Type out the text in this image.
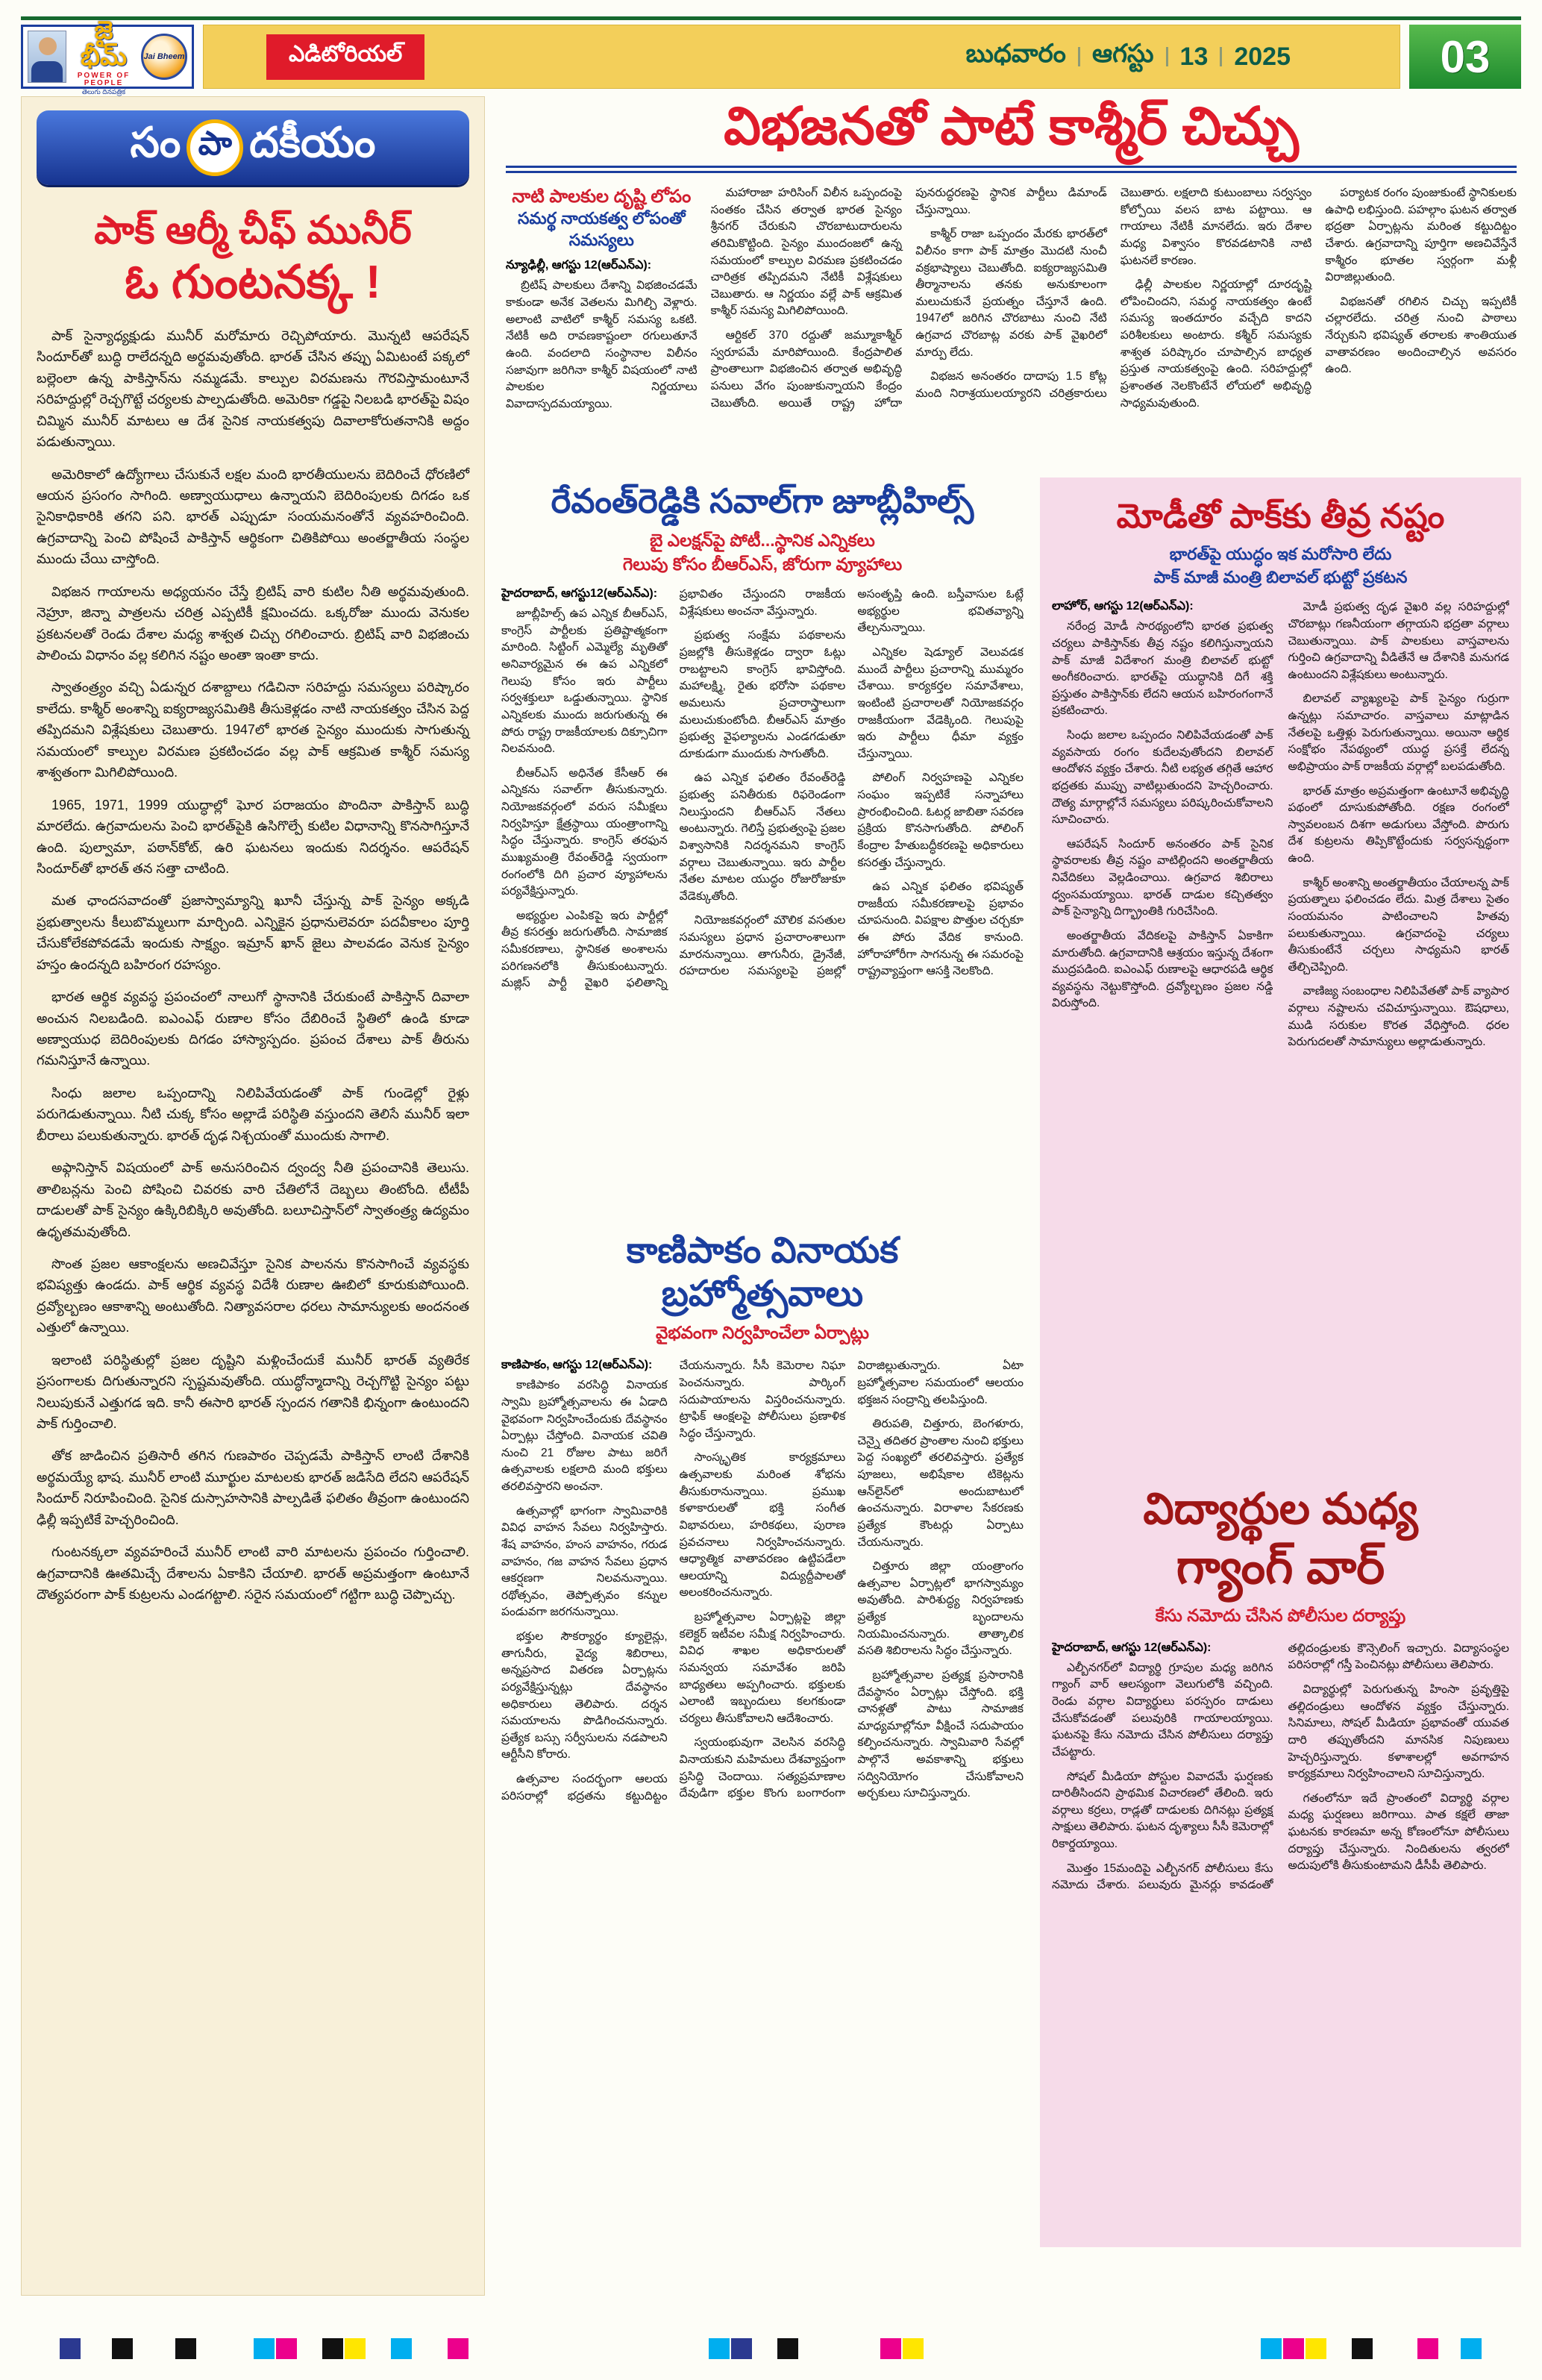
జై భీమ్
POWER OF PEOPLE
తెలుగు దినపత్రిక
Jai Bheem	ఎడిటోరియల్	బుధవారం ఆగస్టు 13 2025	03
సం పా దకీయం
పాక్ ఆర్మీ చీఫ్ మునీర్
ఓ గుంటనక్క !

పాక్ సైన్యాధ్యక్షుడు మునీర్ మరోమారు రెచ్చిపోయారు. మొన్నటి ఆపరేషన్ సిందూర్‌తో బుద్ధి రాలేదన్నది అర్థమవుతోంది. భారత్ చేసిన తప్పు ఏమిటంటే పక్కలో బల్లెంలా ఉన్న పాకిస్తాన్‌ను నమ్మడమే. కాల్పుల విరమణను గౌరవిస్తామంటూనే సరిహద్దుల్లో రెచ్చగొట్టే చర్యలకు పాల్పడుతోంది. అమెరికా గడ్డపై నిలబడి భారత్‌పై విషం చిమ్మిన మునీర్ మాటలు ఆ దేశ సైనిక నాయకత్వపు దివాలాకోరుతనానికి అద్దం పడుతున్నాయి.

అమెరికాలో ఉద్యోగాలు చేసుకునే లక్షల మంది భారతీయులను బెదిరించే ధోరణిలో ఆయన ప్రసంగం సాగింది. అణ్వాయుధాలు ఉన్నాయని బెదిరింపులకు దిగడం ఒక సైనికాధికారికి తగని పని. భారత్ ఎప్పుడూ సంయమనంతోనే వ్యవహరించింది. ఉగ్రవాదాన్ని పెంచి పోషించే పాకిస్తాన్ ఆర్థికంగా చితికిపోయి అంతర్జాతీయ సంస్థల ముందు చేయి చాస్తోంది.

విభజన గాయాలను అధ్యయనం చేస్తే బ్రిటిష్ వారి కుటిల నీతి అర్థమవుతుంది. నెహ్రూ, జిన్నా పాత్రలను చరిత్ర ఎప్పటికీ క్షమించదు. ఒక్కరోజు ముందు వెనుకల ప్రకటనలతో రెండు దేశాల మధ్య శాశ్వత చిచ్చు రగిలించారు. బ్రిటిష్ వారి విభజించు పాలించు విధానం వల్ల కలిగిన నష్టం అంతా ఇంతా కాదు.

స్వాతంత్ర్యం వచ్చి ఏడున్నర దశాబ్దాలు గడిచినా సరిహద్దు సమస్యలు పరిష్కారం కాలేదు. కాశ్మీర్ అంశాన్ని ఐక్యరాజ్యసమితికి తీసుకెళ్లడం నాటి నాయకత్వం చేసిన పెద్ద తప్పిదమని విశ్లేషకులు చెబుతారు. 1947లో భారత సైన్యం ముందుకు సాగుతున్న సమయంలో కాల్పుల విరమణ ప్రకటించడం వల్ల పాక్ ఆక్రమిత కాశ్మీర్ సమస్య శాశ్వతంగా మిగిలిపోయింది.

1965, 1971, 1999 యుద్ధాల్లో ఘోర పరాజయం పొందినా పాకిస్తాన్ బుద్ధి మారలేదు. ఉగ్రవాదులను పెంచి భారత్‌పైకి ఉసిగొల్పే కుటిల విధానాన్ని కొనసాగిస్తూనే ఉంది. పుల్వామా, పఠాన్‌కోట్, ఉరి ఘటనలు ఇందుకు నిదర్శనం. ఆపరేషన్ సిందూర్‌తో భారత్ తన సత్తా చాటింది.

మత ఛాందసవాదంతో ప్రజాస్వామ్యాన్ని ఖూనీ చేస్తున్న పాక్ సైన్యం అక్కడి ప్రభుత్వాలను కీలుబొమ్మలుగా మార్చింది. ఎన్నికైన ప్రధానులెవరూ పదవీకాలం పూర్తి చేసుకోలేకపోవడమే ఇందుకు సాక్ష్యం. ఇమ్రాన్ ఖాన్ జైలు పాలవడం వెనుక సైన్యం హస్తం ఉందన్నది బహిరంగ రహస్యం.

భారత ఆర్థిక వ్యవస్థ ప్రపంచంలో నాలుగో స్థానానికి చేరుకుంటే పాకిస్తాన్ దివాలా అంచున నిలబడింది. ఐఎంఎఫ్ రుణాల కోసం దేబిరించే స్థితిలో ఉండి కూడా అణ్వాయుధ బెదిరింపులకు దిగడం హాస్యాస్పదం. ప్రపంచ దేశాలు పాక్ తీరును గమనిస్తూనే ఉన్నాయి.

సింధు జలాల ఒప్పందాన్ని నిలిపివేయడంతో పాక్ గుండెల్లో రైళ్లు పరుగెడుతున్నాయి. నీటి చుక్క కోసం అల్లాడే పరిస్థితి వస్తుందని తెలిసే మునీర్ ఇలా బీరాలు పలుకుతున్నారు. భారత్ దృఢ నిశ్చయంతో ముందుకు సాగాలి.

అఫ్గానిస్తాన్ విషయంలో పాక్ అనుసరించిన ద్వంద్వ నీతి ప్రపంచానికి తెలుసు. తాలిబన్లను పెంచి పోషించి చివరకు వారి చేతిలోనే దెబ్బలు తింటోంది. టీటీపీ దాడులతో పాక్ సైన్యం ఉక్కిరిబిక్కిరి అవుతోంది. బలూచిస్తాన్‌లో స్వాతంత్ర్య ఉద్యమం ఉధృతమవుతోంది.

సొంత ప్రజల ఆకాంక్షలను అణచివేస్తూ సైనిక పాలనను కొనసాగించే వ్యవస్థకు భవిష్యత్తు ఉండదు. పాక్ ఆర్థిక వ్యవస్థ విదేశీ రుణాల ఊబిలో కూరుకుపోయింది. ద్రవ్యోల్బణం ఆకాశాన్ని అంటుతోంది. నిత్యావసరాల ధరలు సామాన్యులకు అందనంత ఎత్తులో ఉన్నాయి.

ఇలాంటి పరిస్థితుల్లో ప్రజల దృష్టిని మళ్లించేందుకే మునీర్ భారత్ వ్యతిరేక ప్రసంగాలకు దిగుతున్నారని స్పష్టమవుతోంది. యుద్ధోన్మాదాన్ని రెచ్చగొట్టి సైన్యం పట్టు నిలుపుకునే ఎత్తుగడ ఇది. కానీ ఈసారి భారత్ స్పందన గతానికి భిన్నంగా ఉంటుందని పాక్ గుర్తించాలి.

తోక జాడించిన ప్రతిసారీ తగిన గుణపాఠం చెప్పడమే పాకిస్తాన్ లాంటి దేశానికి అర్థమయ్యే భాష. మునీర్ లాంటి మూర్ఖుల మాటలకు భారత్ జడిసేది లేదని ఆపరేషన్ సిందూర్ నిరూపించింది. సైనిక దుస్సాహసానికి పాల్పడితే ఫలితం తీవ్రంగా ఉంటుందని ఢిల్లీ ఇప్పటికే హెచ్చరించింది.

గుంటనక్కలా వ్యవహరించే మునీర్ లాంటి వారి మాటలను ప్రపంచం గుర్తించాలి. ఉగ్రవాదానికి ఊతమిచ్చే దేశాలను ఏకాకిని చేయాలి. భారత్ అప్రమత్తంగా ఉంటూనే దౌత్యపరంగా పాక్ కుట్రలను ఎండగట్టాలి. సరైన సమయంలో గట్టిగా బుద్ధి చెప్పొచ్చు.

విభజనతో పాటే కాశ్మీర్ చిచ్చు

నాటి పాలకుల దృష్టి లోపం

సమర్థ నాయకత్వ లోపంతో సమస్యలు

న్యూఢిల్లీ, ఆగస్టు 12(ఆర్‌ఎన్‌ఎ):

బ్రిటిష్ పాలకులు దేశాన్ని విభజించడమే కాకుండా అనేక వెతలను మిగిల్చి వెళ్లారు. అలాంటి వాటిలో కాశ్మీర్ సమస్య ఒకటి. నేటికీ అది రావణకాష్టంలా రగులుతూనే ఉంది. వందలాది సంస్థానాల విలీనం సజావుగా జరిగినా కాశ్మీర్ విషయంలో నాటి పాలకుల నిర్ణయాలు వివాదాస్పదమయ్యాయి.

మహారాజా హరిసింగ్ విలీన ఒప్పందంపై సంతకం చేసిన తర్వాత భారత సైన్యం శ్రీనగర్ చేరుకుని చొరబాటుదారులను తరిమికొట్టింది. సైన్యం ముందంజలో ఉన్న సమయంలో కాల్పుల విరమణ ప్రకటించడం చారిత్రక తప్పిదమని నేటికీ విశ్లేషకులు చెబుతారు. ఆ నిర్ణయం వల్లే పాక్ ఆక్రమిత కాశ్మీర్ సమస్య మిగిలిపోయింది.

ఆర్టికల్ 370 రద్దుతో జమ్మూకాశ్మీర్ స్వరూపమే మారిపోయింది. కేంద్రపాలిత ప్రాంతాలుగా విభజించిన తర్వాత అభివృద్ధి పనులు వేగం పుంజుకున్నాయని కేంద్రం చెబుతోంది. అయితే రాష్ట్ర హోదా పునరుద్ధరణపై స్థానిక పార్టీలు డిమాండ్ చేస్తున్నాయి.

కాశ్మీర్ రాజా ఒప్పందం మేరకు భారత్‌లో విలీనం కాగా పాక్ మాత్రం మొదటి నుంచీ వక్రభాష్యాలు చెబుతోంది. ఐక్యరాజ్యసమితి తీర్మానాలను తనకు అనుకూలంగా మలుచుకునే ప్రయత్నం చేస్తూనే ఉంది. 1947లో జరిగిన చొరబాటు నుంచి నేటి ఉగ్రవాద చొరబాట్ల వరకు పాక్ వైఖరిలో మార్పు లేదు.

విభజన అనంతరం దాదాపు 1.5 కోట్ల మంది నిరాశ్రయులయ్యారని చరిత్రకారులు చెబుతారు. లక్షలాది కుటుంబాలు సర్వస్వం కోల్పోయి వలస బాట పట్టాయి. ఆ గాయాలు నేటికీ మానలేదు. ఇరు దేశాల మధ్య విశ్వాసం కొరవడటానికి నాటి ఘటనలే కారణం.

ఢిల్లీ పాలకుల నిర్ణయాల్లో దూరదృష్టి లోపించిందని, సమర్థ నాయకత్వం ఉంటే సమస్య ఇంతదూరం వచ్చేది కాదని పరిశీలకులు అంటారు. కశ్మీర్ సమస్యకు శాశ్వత పరిష్కారం చూపాల్సిన బాధ్యత ప్రస్తుత నాయకత్వంపై ఉంది. సరిహద్దుల్లో ప్రశాంతత నెలకొంటేనే లోయలో అభివృద్ధి సాధ్యమవుతుంది.

పర్యాటక రంగం పుంజుకుంటే స్థానికులకు ఉపాధి లభిస్తుంది. పహల్గాం ఘటన తర్వాత భద్రతా ఏర్పాట్లను మరింత కట్టుదిట్టం చేశారు. ఉగ్రవాదాన్ని పూర్తిగా అణచివేస్తేనే కాశ్మీరం భూతల స్వర్గంగా మళ్లీ విరాజిల్లుతుంది.

విభజనతో రగిలిన చిచ్చు ఇప్పటికీ చల్లారలేదు. చరిత్ర నుంచి పాఠాలు నేర్చుకుని భవిష్యత్ తరాలకు శాంతియుత వాతావరణం అందించాల్సిన అవసరం ఉంది.

రేవంత్‌రెడ్డికి సవాల్‌గా జూబ్లీహిల్స్
బై ఎలక్షన్‌పై పోటీ...స్థానిక ఎన్నికలు
గెలుపు కోసం బీఆర్ఎస్, జోరుగా వ్యూహాలు

హైదరాబాద్, ఆగస్టు12(ఆర్‌ఎన్‌ఎ):

జూబ్లీహిల్స్ ఉప ఎన్నిక బీఆర్ఎస్, కాంగ్రెస్ పార్టీలకు ప్రతిష్టాత్మకంగా మారింది. సిట్టింగ్ ఎమ్మెల్యే మృతితో అనివార్యమైన ఈ ఉప ఎన్నికలో గెలుపు కోసం ఇరు పార్టీలు సర్వశక్తులూ ఒడ్డుతున్నాయి. స్థానిక ఎన్నికలకు ముందు జరుగుతున్న ఈ పోరు రాష్ట్ర రాజకీయాలకు దిక్సూచిగా నిలవనుంది.

బీఆర్ఎస్ అధినేత కేసీఆర్ ఈ ఎన్నికను సవాల్‌గా తీసుకున్నారు. నియోజకవర్గంలో వరుస సమీక్షలు నిర్వహిస్తూ క్షేత్రస్థాయి యంత్రాంగాన్ని సిద్ధం చేస్తున్నారు. కాంగ్రెస్ తరఫున ముఖ్యమంత్రి రేవంత్‌రెడ్డి స్వయంగా రంగంలోకి దిగి ప్రచార వ్యూహాలను పర్యవేక్షిస్తున్నారు.

అభ్యర్థుల ఎంపికపై ఇరు పార్టీల్లో తీవ్ర కసరత్తు జరుగుతోంది. సామాజిక సమీకరణాలు, స్థానికత అంశాలను పరిగణనలోకి తీసుకుంటున్నారు. మజ్లిస్ పార్టీ వైఖరి ఫలితాన్ని ప్రభావితం చేస్తుందని రాజకీయ విశ్లేషకులు అంచనా వేస్తున్నారు.

ప్రభుత్వ సంక్షేమ పథకాలను ప్రజల్లోకి తీసుకెళ్లడం ద్వారా ఓట్లు రాబట్టాలని కాంగ్రెస్ భావిస్తోంది. మహాలక్ష్మి, రైతు భరోసా పథకాల అమలును ప్రచారాస్త్రాలుగా మలుచుకుంటోంది. బీఆర్ఎస్ మాత్రం ప్రభుత్వ వైఫల్యాలను ఎండగడుతూ దూకుడుగా ముందుకు సాగుతోంది.

ఉప ఎన్నిక ఫలితం రేవంత్‌రెడ్డి ప్రభుత్వ పనితీరుకు రిఫరెండంగా నిలుస్తుందని బీఆర్ఎస్ నేతలు అంటున్నారు. గెలిస్తే ప్రభుత్వంపై ప్రజల విశ్వాసానికి నిదర్శనమని కాంగ్రెస్ వర్గాలు చెబుతున్నాయి. ఇరు పార్టీల నేతల మాటల యుద్ధం రోజురోజుకూ వేడెక్కుతోంది.

నియోజకవర్గంలో మౌలిక వసతుల సమస్యలు ప్రధాన ప్రచారాంశాలుగా మారనున్నాయి. తాగునీరు, డ్రైనేజీ, రహదారుల సమస్యలపై ప్రజల్లో అసంతృప్తి ఉంది. బస్తీవాసుల ఓట్లే అభ్యర్థుల భవితవ్యాన్ని తేల్చనున్నాయి.

ఎన్నికల షెడ్యూల్ వెలువడక ముందే పార్టీలు ప్రచారాన్ని ముమ్మరం చేశాయి. కార్యకర్తల సమావేశాలు, ఇంటింటి ప్రచారాలతో నియోజకవర్గం రాజకీయంగా వేడెక్కింది. గెలుపుపై ఇరు పార్టీలు ధీమా వ్యక్తం చేస్తున్నాయి.

పోలింగ్ నిర్వహణపై ఎన్నికల సంఘం ఇప్పటికే సన్నాహాలు ప్రారంభించింది. ఓటర్ల జాబితా సవరణ ప్రక్రియ కొనసాగుతోంది. పోలింగ్ కేంద్రాల హేతుబద్ధీకరణపై అధికారులు కసరత్తు చేస్తున్నారు.

ఉప ఎన్నిక ఫలితం భవిష్యత్ రాజకీయ సమీకరణాలపై ప్రభావం చూపనుంది. విపక్షాల పొత్తుల చర్చకూ ఈ పోరు వేదిక కానుంది. హోరాహోరీగా సాగనున్న ఈ సమరంపై రాష్ట్రవ్యాప్తంగా ఆసక్తి నెలకొంది.

కాణిపాకం వినాయక
బ్రహ్మోత్సవాలు
వైభవంగా నిర్వహించేలా ఏర్పాట్లు

కాణిపాకం, ఆగస్టు 12(ఆర్‌ఎన్‌ఎ):

కాణిపాకం వరసిద్ధి వినాయక స్వామి బ్రహ్మోత్సవాలను ఈ ఏడాది వైభవంగా నిర్వహించేందుకు దేవస్థానం ఏర్పాట్లు చేస్తోంది. వినాయక చవితి నుంచి 21 రోజుల పాటు జరిగే ఉత్సవాలకు లక్షలాది మంది భక్తులు తరలివస్తారని అంచనా.

ఉత్సవాల్లో భాగంగా స్వామివారికి వివిధ వాహన సేవలు నిర్వహిస్తారు. శేష వాహనం, హంస వాహనం, గరుడ వాహనం, గజ వాహన సేవలు ప్రధాన ఆకర్షణగా నిలవనున్నాయి. రథోత్సవం, తెప్పోత్సవం కన్నుల పండువగా జరగనున్నాయి.

భక్తుల సౌకర్యార్థం క్యూలైన్లు, తాగునీరు, వైద్య శిబిరాలు, అన్నప్రసాద వితరణ ఏర్పాట్లను పర్యవేక్షిస్తున్నట్లు దేవస్థానం అధికారులు తెలిపారు. దర్శన సమయాలను పొడిగించనున్నారు. ప్రత్యేక బస్సు సర్వీసులను నడపాలని ఆర్టీసీని కోరారు.

ఉత్సవాల సందర్భంగా ఆలయ పరిసరాల్లో భద్రతను కట్టుదిట్టం చేయనున్నారు. సీసీ కెమెరాల నిఘా పెంచనున్నారు. పార్కింగ్ సదుపాయాలను విస్తరించనున్నారు. ట్రాఫిక్ ఆంక్షలపై పోలీసులు ప్రణాళిక సిద్ధం చేస్తున్నారు.

సాంస్కృతిక కార్యక్రమాలు ఉత్సవాలకు మరింత శోభను తీసుకురానున్నాయి. ప్రముఖ కళాకారులతో భక్తి సంగీత విభావరులు, హరికథలు, పురాణ ప్రవచనాలు నిర్వహించనున్నారు. ఆధ్యాత్మిక వాతావరణం ఉట్టిపడేలా ఆలయాన్ని విద్యుద్దీపాలతో అలంకరించనున్నారు.

బ్రహ్మోత్సవాల ఏర్పాట్లపై జిల్లా కలెక్టర్ ఇటీవల సమీక్ష నిర్వహించారు. వివిధ శాఖల అధికారులతో సమన్వయ సమావేశం జరిపి బాధ్యతలు అప్పగించారు. భక్తులకు ఎలాంటి ఇబ్బందులు కలగకుండా చర్యలు తీసుకోవాలని ఆదేశించారు.

స్వయంభువుగా వెలసిన వరసిద్ధి వినాయకుని మహిమలు దేశవ్యాప్తంగా ప్రసిద్ధి చెందాయి. సత్యప్రమాణాల దేవుడిగా భక్తుల కొంగు బంగారంగా విరాజిల్లుతున్నారు. ఏటా బ్రహ్మోత్సవాల సమయంలో ఆలయం భక్తజన సంద్రాన్ని తలపిస్తుంది.

తిరుపతి, చిత్తూరు, బెంగళూరు, చెన్నై తదితర ప్రాంతాల నుంచి భక్తులు పెద్ద సంఖ్యలో తరలివస్తారు. ప్రత్యేక పూజలు, అభిషేకాల టికెట్లను ఆన్‌లైన్‌లో అందుబాటులో ఉంచనున్నారు. విరాళాల సేకరణకు ప్రత్యేక కౌంటర్లు ఏర్పాటు చేయనున్నారు.

చిత్తూరు జిల్లా యంత్రాంగం ఉత్సవాల ఏర్పాట్లలో భాగస్వామ్యం అవుతోంది. పారిశుద్ధ్య నిర్వహణకు ప్రత్యేక బృందాలను నియమించనున్నారు. తాత్కాలిక వసతి శిబిరాలను సిద్ధం చేస్తున్నారు.

బ్రహ్మోత్సవాల ప్రత్యక్ష ప్రసారానికి దేవస్థానం ఏర్పాట్లు చేస్తోంది. భక్తి చానళ్లతో పాటు సామాజిక మాధ్యమాల్లోనూ వీక్షించే సదుపాయం కల్పించనున్నారు. స్వామివారి సేవల్లో పాల్గొనే అవకాశాన్ని భక్తులు సద్వినియోగం చేసుకోవాలని అర్చకులు సూచిస్తున్నారు.

మోడీతో పాక్‌కు తీవ్ర నష్టం
భారత్‌పై యుద్ధం ఇక మరోసారి లేదు
పాక్ మాజీ మంత్రి బిలావల్ భుట్టో ప్రకటన

లాహోర్, ఆగస్టు 12(ఆర్‌ఎన్‌ఎ):

నరేంద్ర మోడీ సారథ్యంలోని భారత ప్రభుత్వ చర్యలు పాకిస్తాన్‌కు తీవ్ర నష్టం కలిగిస్తున్నాయని పాక్ మాజీ విదేశాంగ మంత్రి బిలావల్ భుట్టో అంగీకరించారు. భారత్‌పై యుద్ధానికి దిగే శక్తి ప్రస్తుతం పాకిస్తాన్‌కు లేదని ఆయన బహిరంగంగానే ప్రకటించారు.

సింధు జలాల ఒప్పందం నిలిపివేయడంతో పాక్ వ్యవసాయ రంగం కుదేలవుతోందని బిలావల్ ఆందోళన వ్యక్తం చేశారు. నీటి లభ్యత తగ్గితే ఆహార భద్రతకు ముప్పు వాటిల్లుతుందని హెచ్చరించారు. దౌత్య మార్గాల్లోనే సమస్యలు పరిష్కరించుకోవాలని సూచించారు.

ఆపరేషన్ సిందూర్ అనంతరం పాక్ సైనిక స్థావరాలకు తీవ్ర నష్టం వాటిల్లిందని అంతర్జాతీయ నివేదికలు వెల్లడించాయి. ఉగ్రవాద శిబిరాలు ధ్వంసమయ్యాయి. భారత్ దాడుల కచ్చితత్వం పాక్ సైన్యాన్ని దిగ్భ్రాంతికి గురిచేసింది.

అంతర్జాతీయ వేదికలపై పాకిస్తాన్ ఏకాకిగా మారుతోంది. ఉగ్రవాదానికి ఆశ్రయం ఇస్తున్న దేశంగా ముద్రపడింది. ఐఎంఎఫ్ రుణాలపై ఆధారపడి ఆర్థిక వ్యవస్థను నెట్టుకొస్తోంది. ద్రవ్యోల్బణం ప్రజల నడ్డి విరుస్తోంది.

మోడీ ప్రభుత్వ దృఢ వైఖరి వల్ల సరిహద్దుల్లో చొరబాట్లు గణనీయంగా తగ్గాయని భద్రతా వర్గాలు చెబుతున్నాయి. పాక్ పాలకులు వాస్తవాలను గుర్తించి ఉగ్రవాదాన్ని వీడితేనే ఆ దేశానికి మనుగడ ఉంటుందని విశ్లేషకులు అంటున్నారు.

బిలావల్ వ్యాఖ్యలపై పాక్ సైన్యం గుర్రుగా ఉన్నట్లు సమాచారం. వాస్తవాలు మాట్లాడిన నేతలపై ఒత్తిళ్లు పెరుగుతున్నాయి. అయినా ఆర్థిక సంక్షోభం నేపథ్యంలో యుద్ధ ప్రసక్తే లేదన్న అభిప్రాయం పాక్ రాజకీయ వర్గాల్లో బలపడుతోంది.

భారత్ మాత్రం అప్రమత్తంగా ఉంటూనే అభివృద్ధి పథంలో దూసుకుపోతోంది. రక్షణ రంగంలో స్వావలంబన దిశగా అడుగులు వేస్తోంది. పొరుగు దేశ కుట్రలను తిప్పికొట్టేందుకు సర్వసన్నద్ధంగా ఉంది.

కాశ్మీర్ అంశాన్ని అంతర్జాతీయం చేయాలన్న పాక్ ప్రయత్నాలు ఫలించడం లేదు. మిత్ర దేశాలు సైతం సంయమనం పాటించాలని హితవు పలుకుతున్నాయి. ఉగ్రవాదంపై చర్యలు తీసుకుంటేనే చర్చలు సాధ్యమని భారత్ తేల్చిచెప్పింది.

వాణిజ్య సంబంధాల నిలిపివేతతో పాక్ వ్యాపార వర్గాలు నష్టాలను చవిచూస్తున్నాయి. ఔషధాలు, ముడి సరుకుల కొరత వేధిస్తోంది. ధరల పెరుగుదలతో సామాన్యులు అల్లాడుతున్నారు.

విద్యార్థుల మధ్య
గ్యాంగ్ వార్
కేసు నమోదు చేసిన పోలీసుల దర్యాప్తు

హైదరాబాద్, ఆగస్టు 12(ఆర్‌ఎన్‌ఎ):

ఎల్బీనగర్‌లో విద్యార్థి గ్రూపుల మధ్య జరిగిన గ్యాంగ్ వార్ ఆలస్యంగా వెలుగులోకి వచ్చింది. రెండు వర్గాల విద్యార్థులు పరస్పరం దాడులు చేసుకోవడంతో పలువురికి గాయాలయ్యాయి. ఘటనపై కేసు నమోదు చేసిన పోలీసులు దర్యాప్తు చేపట్టారు.

సోషల్ మీడియా పోస్టుల వివాదమే ఘర్షణకు దారితీసిందని ప్రాథమిక విచారణలో తేలింది. ఇరు వర్గాలు కర్రలు, రాడ్లతో దాడులకు దిగినట్లు ప్రత్యక్ష సాక్షులు తెలిపారు. ఘటన దృశ్యాలు సీసీ కెమెరాల్లో రికార్డయ్యాయి.

మొత్తం 15మందిపై ఎల్బీనగర్ పోలీసులు కేసు నమోదు చేశారు. పలువురు మైనర్లు కావడంతో తల్లిదండ్రులకు కౌన్సెలింగ్ ఇచ్చారు. విద్యాసంస్థల పరిసరాల్లో గస్తీ పెంచినట్లు పోలీసులు తెలిపారు.

విద్యార్థుల్లో పెరుగుతున్న హింసా ప్రవృత్తిపై తల్లిదండ్రులు ఆందోళన వ్యక్తం చేస్తున్నారు. సినిమాలు, సోషల్ మీడియా ప్రభావంతో యువత దారి తప్పుతోందని మానసిక నిపుణులు హెచ్చరిస్తున్నారు. కళాశాలల్లో అవగాహన కార్యక్రమాలు నిర్వహించాలని సూచిస్తున్నారు.

గతంలోనూ ఇదే ప్రాంతంలో విద్యార్థి వర్గాల మధ్య ఘర్షణలు జరిగాయి. పాత కక్షలే తాజా ఘటనకు కారణమా అన్న కోణంలోనూ పోలీసులు దర్యాప్తు చేస్తున్నారు. నిందితులను త్వరలో అదుపులోకి తీసుకుంటామని డీసీపీ తెలిపారు.
